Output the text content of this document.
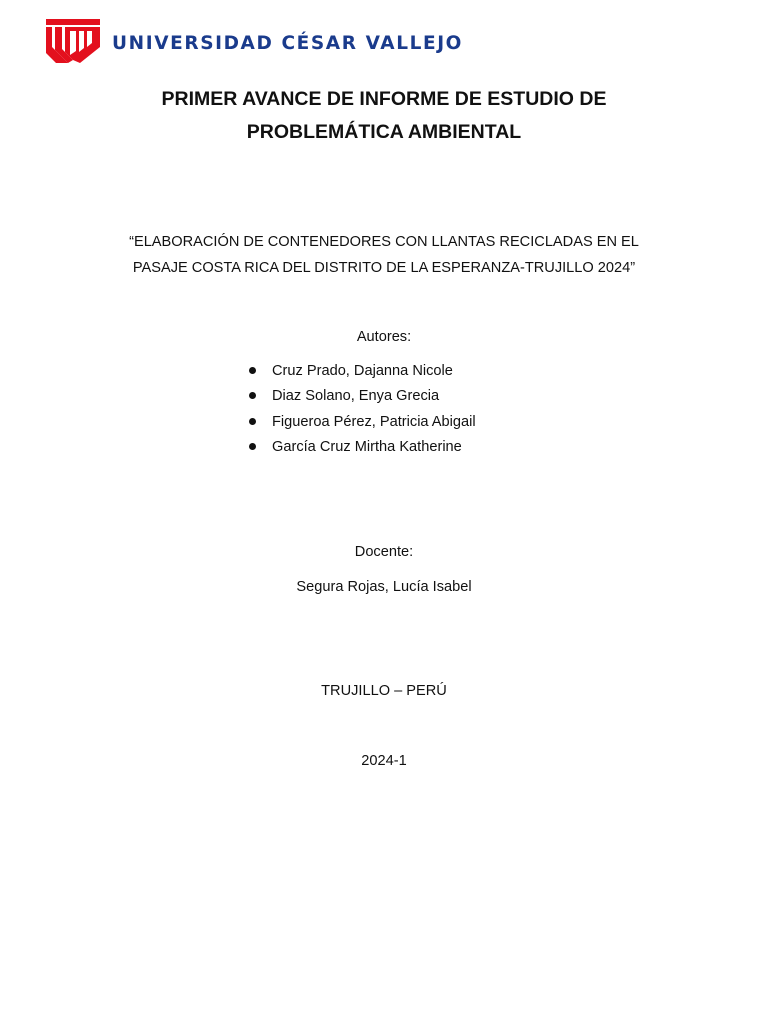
UNIVERSIDAD CÉSAR VALLEJO
PRIMER AVANCE DE INFORME DE ESTUDIO DE
PROBLEMÁTICA AMBIENTAL
“ELABORACIÓN DE CONTENEDORES CON LLANTAS RECICLADAS EN EL
PASAJE COSTA RICA DEL DISTRITO DE LA ESPERANZA-TRUJILLO 2024”
Autores:
Cruz Prado, Dajanna Nicole
Diaz Solano, Enya Grecia
Figueroa Pérez, Patricia Abigail
García Cruz Mirtha Katherine
Docente:
Segura Rojas, Lucía Isabel
TRUJILLO – PERÚ
2024-1
